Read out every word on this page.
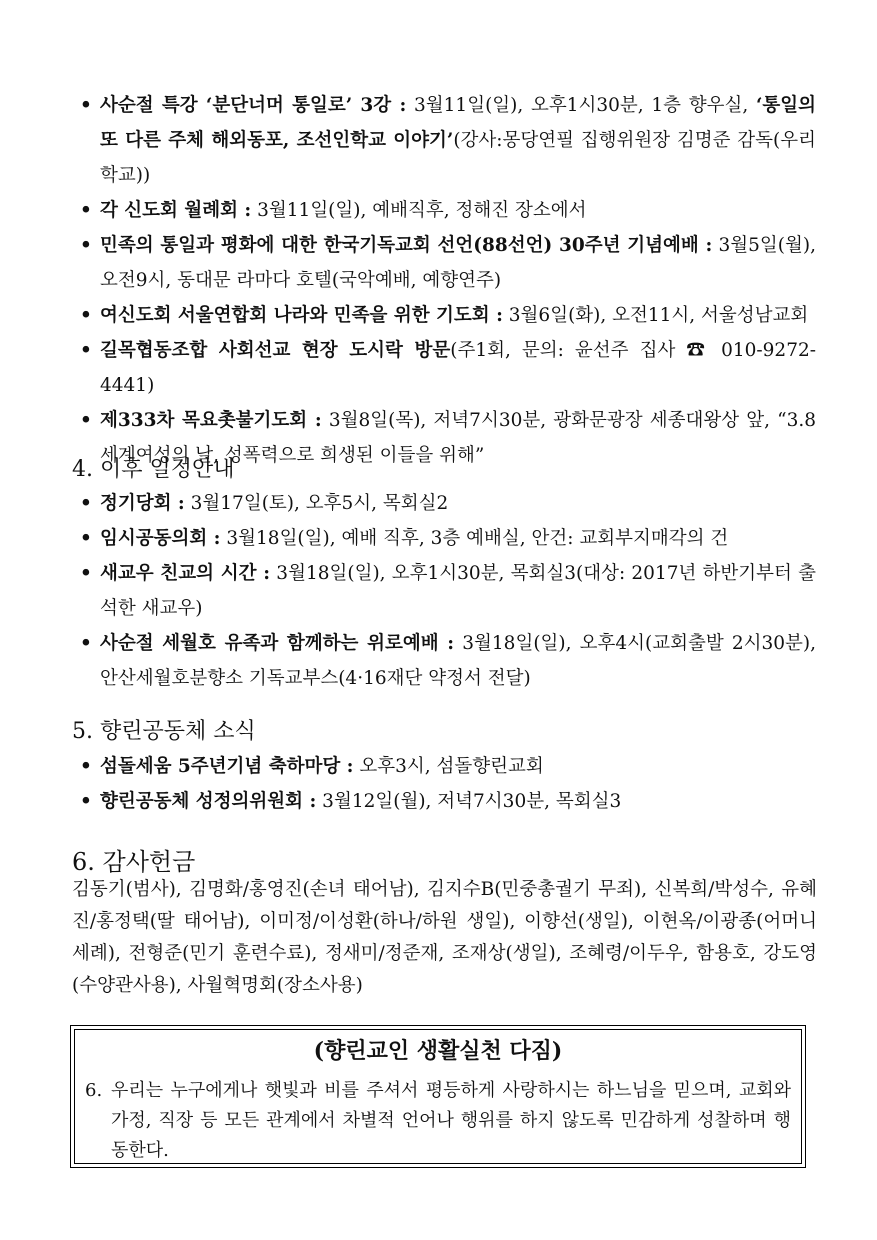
• 사순절 특강 ‘분단너머 통일로’ 3강 : 3월11일(일), 오후1시30분, 1층 향우실, ‘통일의 또 다른 주체 해외동포, 조선인학교 이야기’(강사:몽당연필 집행위원장 김명준 감독(우리학교))
• 각 신도회 월례회 : 3월11일(일), 예배직후, 정해진 장소에서
• 민족의 통일과 평화에 대한 한국기독교회 선언(88선언) 30주년 기념예배 : 3월5일(월), 오전9시, 동대문 라마다 호텔(국악예배, 예향연주)
• 여신도회 서울연합회 나라와 민족을 위한 기도회 : 3월6일(화), 오전11시, 서울성남교회
• 길목협동조합 사회선교 현장 도시락 방문(주1회, 문의: 윤선주 집사 ☎ 010-9272-4441)
• 제333차 목요촛불기도회 : 3월8일(목), 저녁7시30분, 광화문광장 세종대왕상 앞, “3.8 세계여성의 날, 성폭력으로 희생된 이들을 위해”
4. 이후 일정안내
• 정기당회 : 3월17일(토), 오후5시, 목회실2
• 임시공동의회 : 3월18일(일), 예배 직후, 3층 예배실, 안건: 교회부지매각의 건
• 새교우 친교의 시간 : 3월18일(일), 오후1시30분, 목회실3(대상: 2017년 하반기부터 출석한 새교우)
• 사순절 세월호 유족과 함께하는 위로예배 : 3월18일(일), 오후4시(교회출발 2시30분), 안산세월호분향소 기독교부스(4·16재단 약정서 전달)
5. 향린공동체 소식
• 섬돌세움 5주년기념 축하마당 : 오후3시, 섬돌향린교회
• 향린공동체 성정의위원회 : 3월12일(월), 저녁7시30분, 목회실3
6. 감사헌금

김동기(범사), 김명화/홍영진(손녀 태어남), 김지수B(민중총궐기 무죄), 신복희/박성수, 유혜진/홍정택(딸 태어남), 이미정/이성환(하나/하원 생일), 이향선(생일), 이현옥/이광종(어머니 세례), 전형준(민기 훈련수료), 정새미/정준재, 조재상(생일), 조혜령/이두우, 함용호, 강도영(수양관사용), 사월혁명회(장소사용)

(향린교인 생활실천 다짐)
6. 우리는 누구에게나 햇빛과 비를 주셔서 평등하게 사랑하시는 하느님을 믿으며, 교회와 가정, 직장 등 모든 관계에서 차별적 언어나 행위를 하지 않도록 민감하게 성찰하며 행동한다.
